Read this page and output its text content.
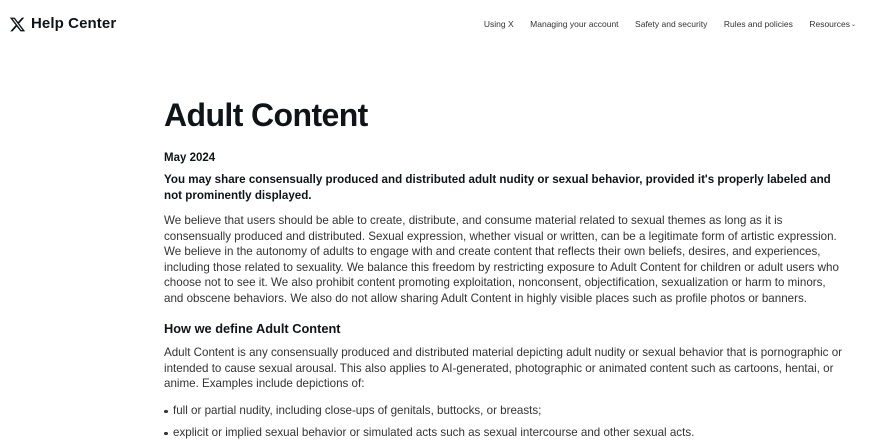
Help Center	Using X Managing your account Safety and security Rules and policies Resources ⌄
Adult Content
May 2024
You may share consensually produced and distributed adult nudity or sexual behavior, provided it's properly labeled and not prominently displayed.

We believe that users should be able to create, distribute, and consume material related to sexual themes as long as it is consensually produced and distributed. Sexual expression, whether visual or written, can be a legitimate form of artistic expression. We believe in the autonomy of adults to engage with and create content that reflects their own beliefs, desires, and experiences, including those related to sexuality. We balance this freedom by restricting exposure to Adult Content for children or adult users who choose not to see it. We also prohibit content promoting exploitation, nonconsent, objectification, sexualization or harm to minors, and obscene behaviors. We also do not allow sharing Adult Content in highly visible places such as profile photos or banners.

How we define Adult Content

Adult Content is any consensually produced and distributed material depicting adult nudity or sexual behavior that is pornographic or intended to cause sexual arousal. This also applies to AI-generated, photographic or animated content such as cartoons, hentai, or anime. Examples include depictions of:

full or partial nudity, including close-ups of genitals, buttocks, or breasts;
explicit or implied sexual behavior or simulated acts such as sexual intercourse and other sexual acts.
